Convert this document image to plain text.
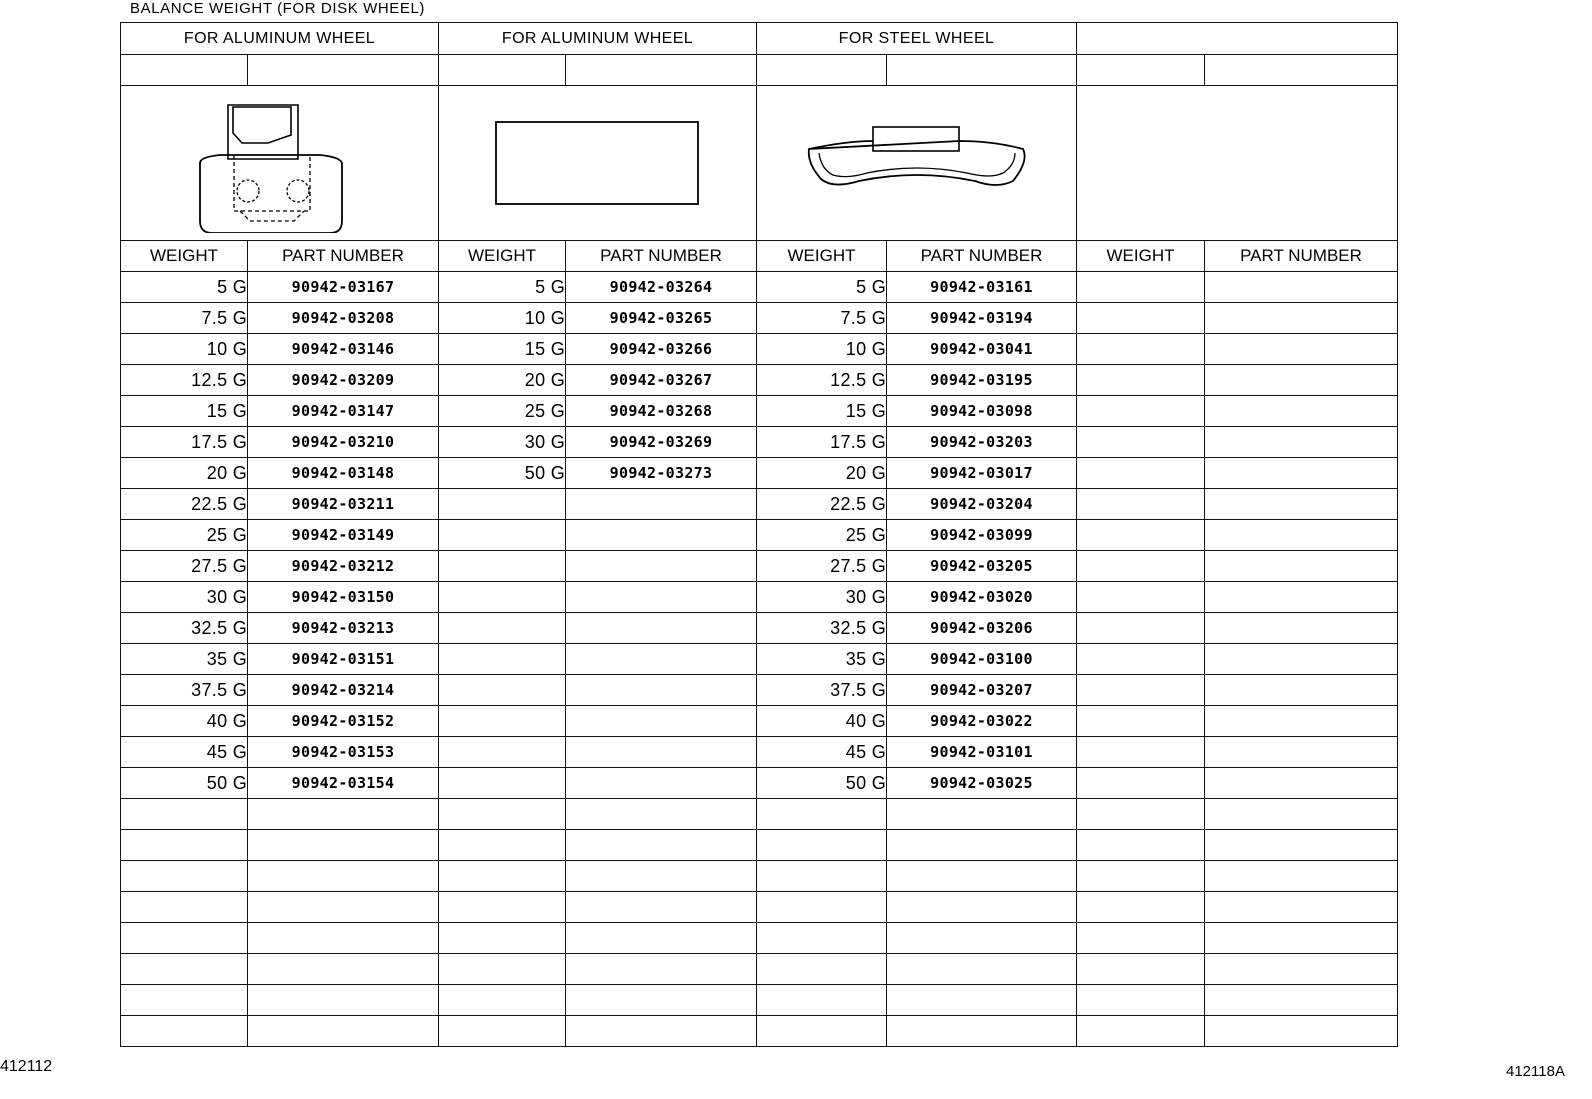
BALANCE WEIGHT (FOR DISK WHEEL)
FOR ALUMINUM WHEEL		FOR ALUMINUM WHEEL		FOR STEEL WHEEL			

WEIGHT	PART NUMBER	WEIGHT	PART NUMBER	WEIGHT	PART NUMBER	WEIGHT	PART NUMBER
5 G	90942-03167	5 G	90942-03264	5 G	90942-03161		
7.5 G	90942-03208	10 G	90942-03265	7.5 G	90942-03194		
10 G	90942-03146	15 G	90942-03266	10 G	90942-03041		
12.5 G	90942-03209	20 G	90942-03267	12.5 G	90942-03195		
15 G	90942-03147	25 G	90942-03268	15 G	90942-03098		
17.5 G	90942-03210	30 G	90942-03269	17.5 G	90942-03203		
20 G	90942-03148	50 G	90942-03273	20 G	90942-03017		
22.5 G	90942-03211			22.5 G	90942-03204		
25 G	90942-03149			25 G	90942-03099		
27.5 G	90942-03212			27.5 G	90942-03205		
30 G	90942-03150			30 G	90942-03020		
32.5 G	90942-03213			32.5 G	90942-03206		
35 G	90942-03151			35 G	90942-03100		
37.5 G	90942-03214			37.5 G	90942-03207		
40 G	90942-03152			40 G	90942-03022		
45 G	90942-03153			45 G	90942-03101		
50 G	90942-03154			50 G	90942-03025		

412112	412118A
